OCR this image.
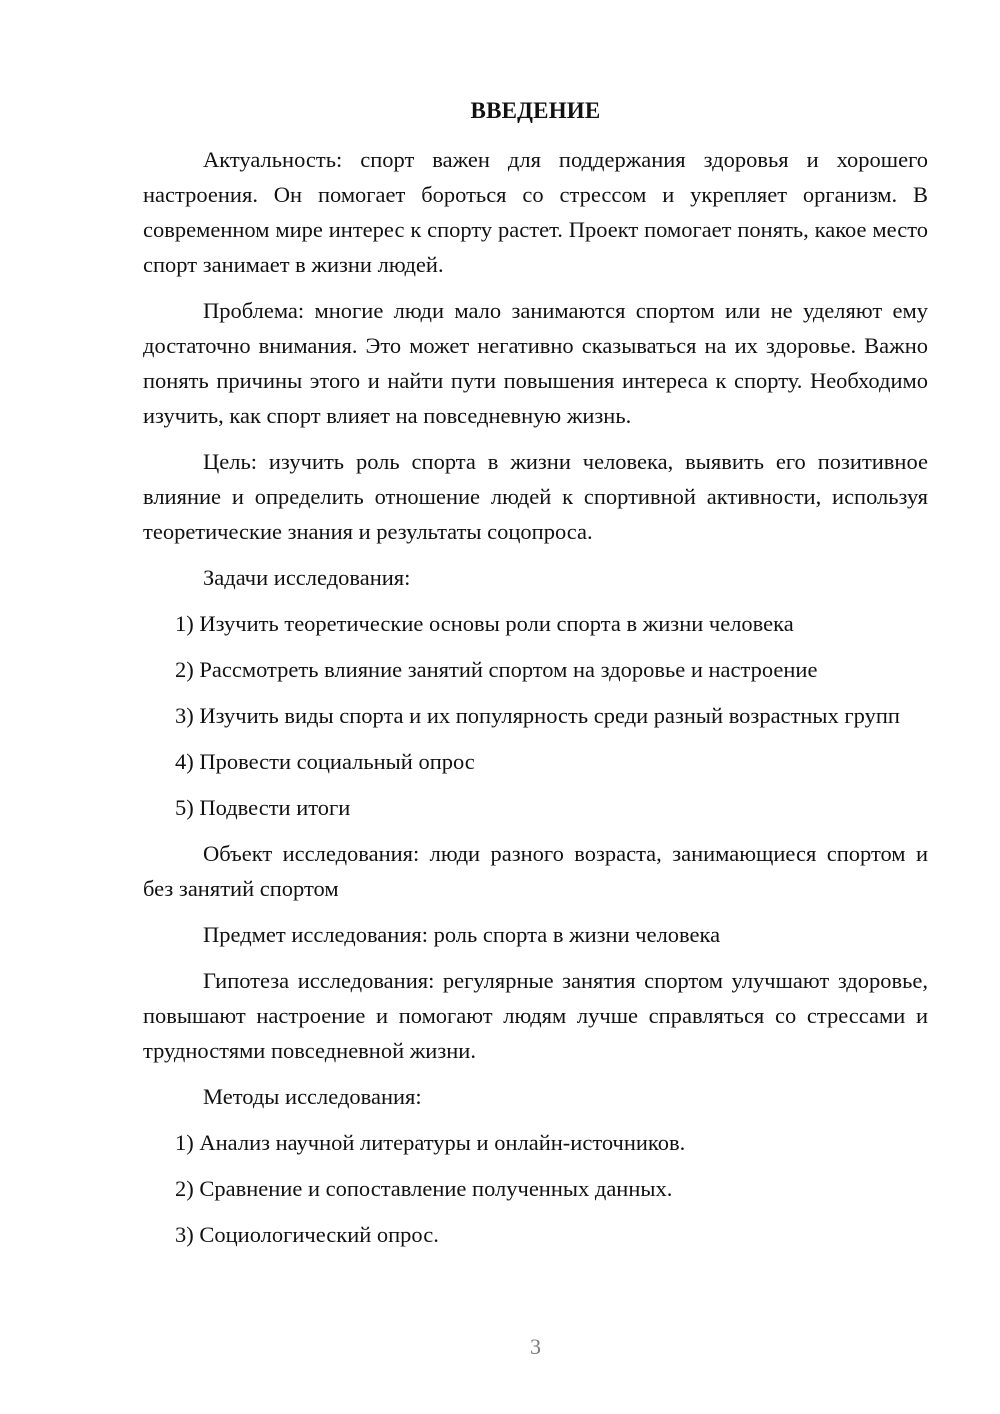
ВВЕДЕНИЕ

Актуальность: спорт важен для поддержания здоровья и хорошего настроения. Он помогает бороться со стрессом и укрепляет организм. В современном мире интерес к спорту растет. Проект помогает понять, какое место спорт занимает в жизни людей.

Проблема: многие люди мало занимаются спортом или не уделяют ему достаточно внимания. Это может негативно сказываться на их здоровье. Важно понять причины этого и найти пути повышения интереса к спорту. Необходимо изучить, как спорт влияет на повседневную жизнь.

Цель: изучить роль спорта в жизни человека, выявить его позитивное влияние и определить отношение людей к спортивной активности, используя теоретические знания и результаты соцопроса.

Задачи исследования:

1) Изучить теоретические основы роли спорта в жизни человека

2) Рассмотреть влияние занятий спортом на здоровье и настроение

3) Изучить виды спорта и их популярность среди разный возрастных групп

4) Провести социальный опрос

5) Подвести итоги

Объект исследования: люди разного возраста, занимающиеся спортом и без занятий спортом

Предмет исследования: роль спорта в жизни человека

Гипотеза исследования: регулярные занятия спортом улучшают здоровье, повышают настроение и помогают людям лучше справляться со стрессами и трудностями повседневной жизни.

Методы исследования:

1) Анализ научной литературы и онлайн-источников.

2) Сравнение и сопоставление полученных данных.

3) Социологический опрос.

3
